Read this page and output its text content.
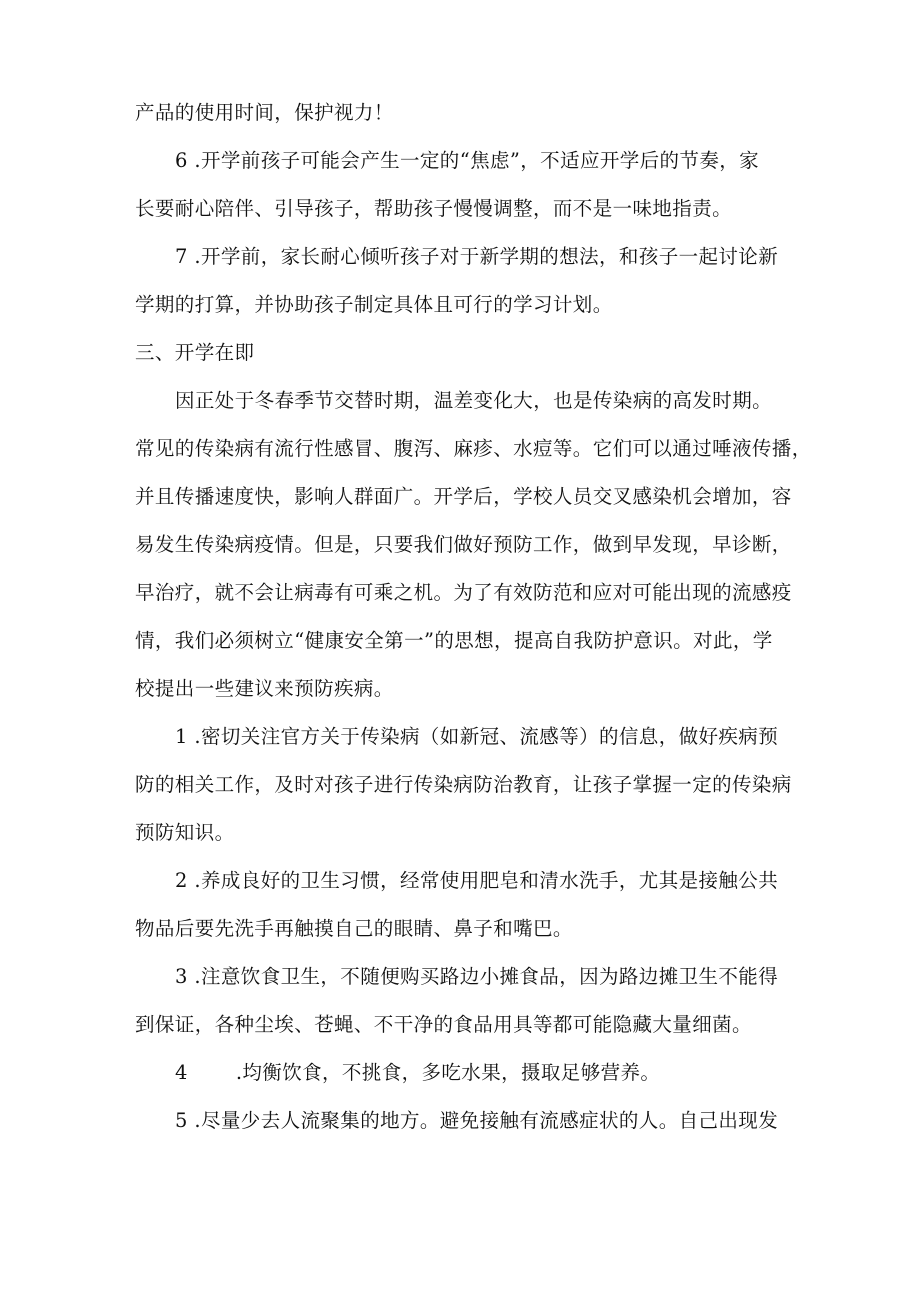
产品的使用时间，保护视力！
6 .开学前孩子可能会产生一定的“焦虑”，不适应开学后的节奏，家
长要耐心陪伴、引导孩子，帮助孩子慢慢调整，而不是一味地指责。
7 .开学前，家长耐心倾听孩子对于新学期的想法，和孩子一起讨论新
学期的打算，并协助孩子制定具体且可行的学习计划。
三、开学在即
因正处于冬春季节交替时期，温差变化大，也是传染病的高发时期。
常见的传染病有流行性感冒、腹泻、麻疹、水痘等。它们可以通过唾液传播，
并且传播速度快，影响人群面广。开学后，学校人员交叉感染机会增加，容
易发生传染病疫情。但是，只要我们做好预防工作，做到早发现，早诊断，
早治疗，就不会让病毒有可乘之机。为了有效防范和应对可能出现的流感疫
情，我们必须树立“健康安全第一”的思想，提高自我防护意识。对此，学
校提出一些建议来预防疾病。
1 .密切关注官方关于传染病（如新冠、流感等）的信息，做好疾病预
防的相关工作，及时对孩子进行传染病防治教育，让孩子掌握一定的传染病
预防知识。
2 .养成良好的卫生习惯，经常使用肥皂和清水洗手，尤其是接触公共
物品后要先洗手再触摸自己的眼睛、鼻子和嘴巴。
3 .注意饮食卫生，不随便购买路边小摊食品，因为路边摊卫生不能得
到保证，各种尘埃、苍蝇、不干净的食品用具等都可能隐藏大量细菌。
4 .均衡饮食，不挑食，多吃水果，摄取足够营养。
5 .尽量少去人流聚集的地方。避免接触有流感症状的人。自己出现发
